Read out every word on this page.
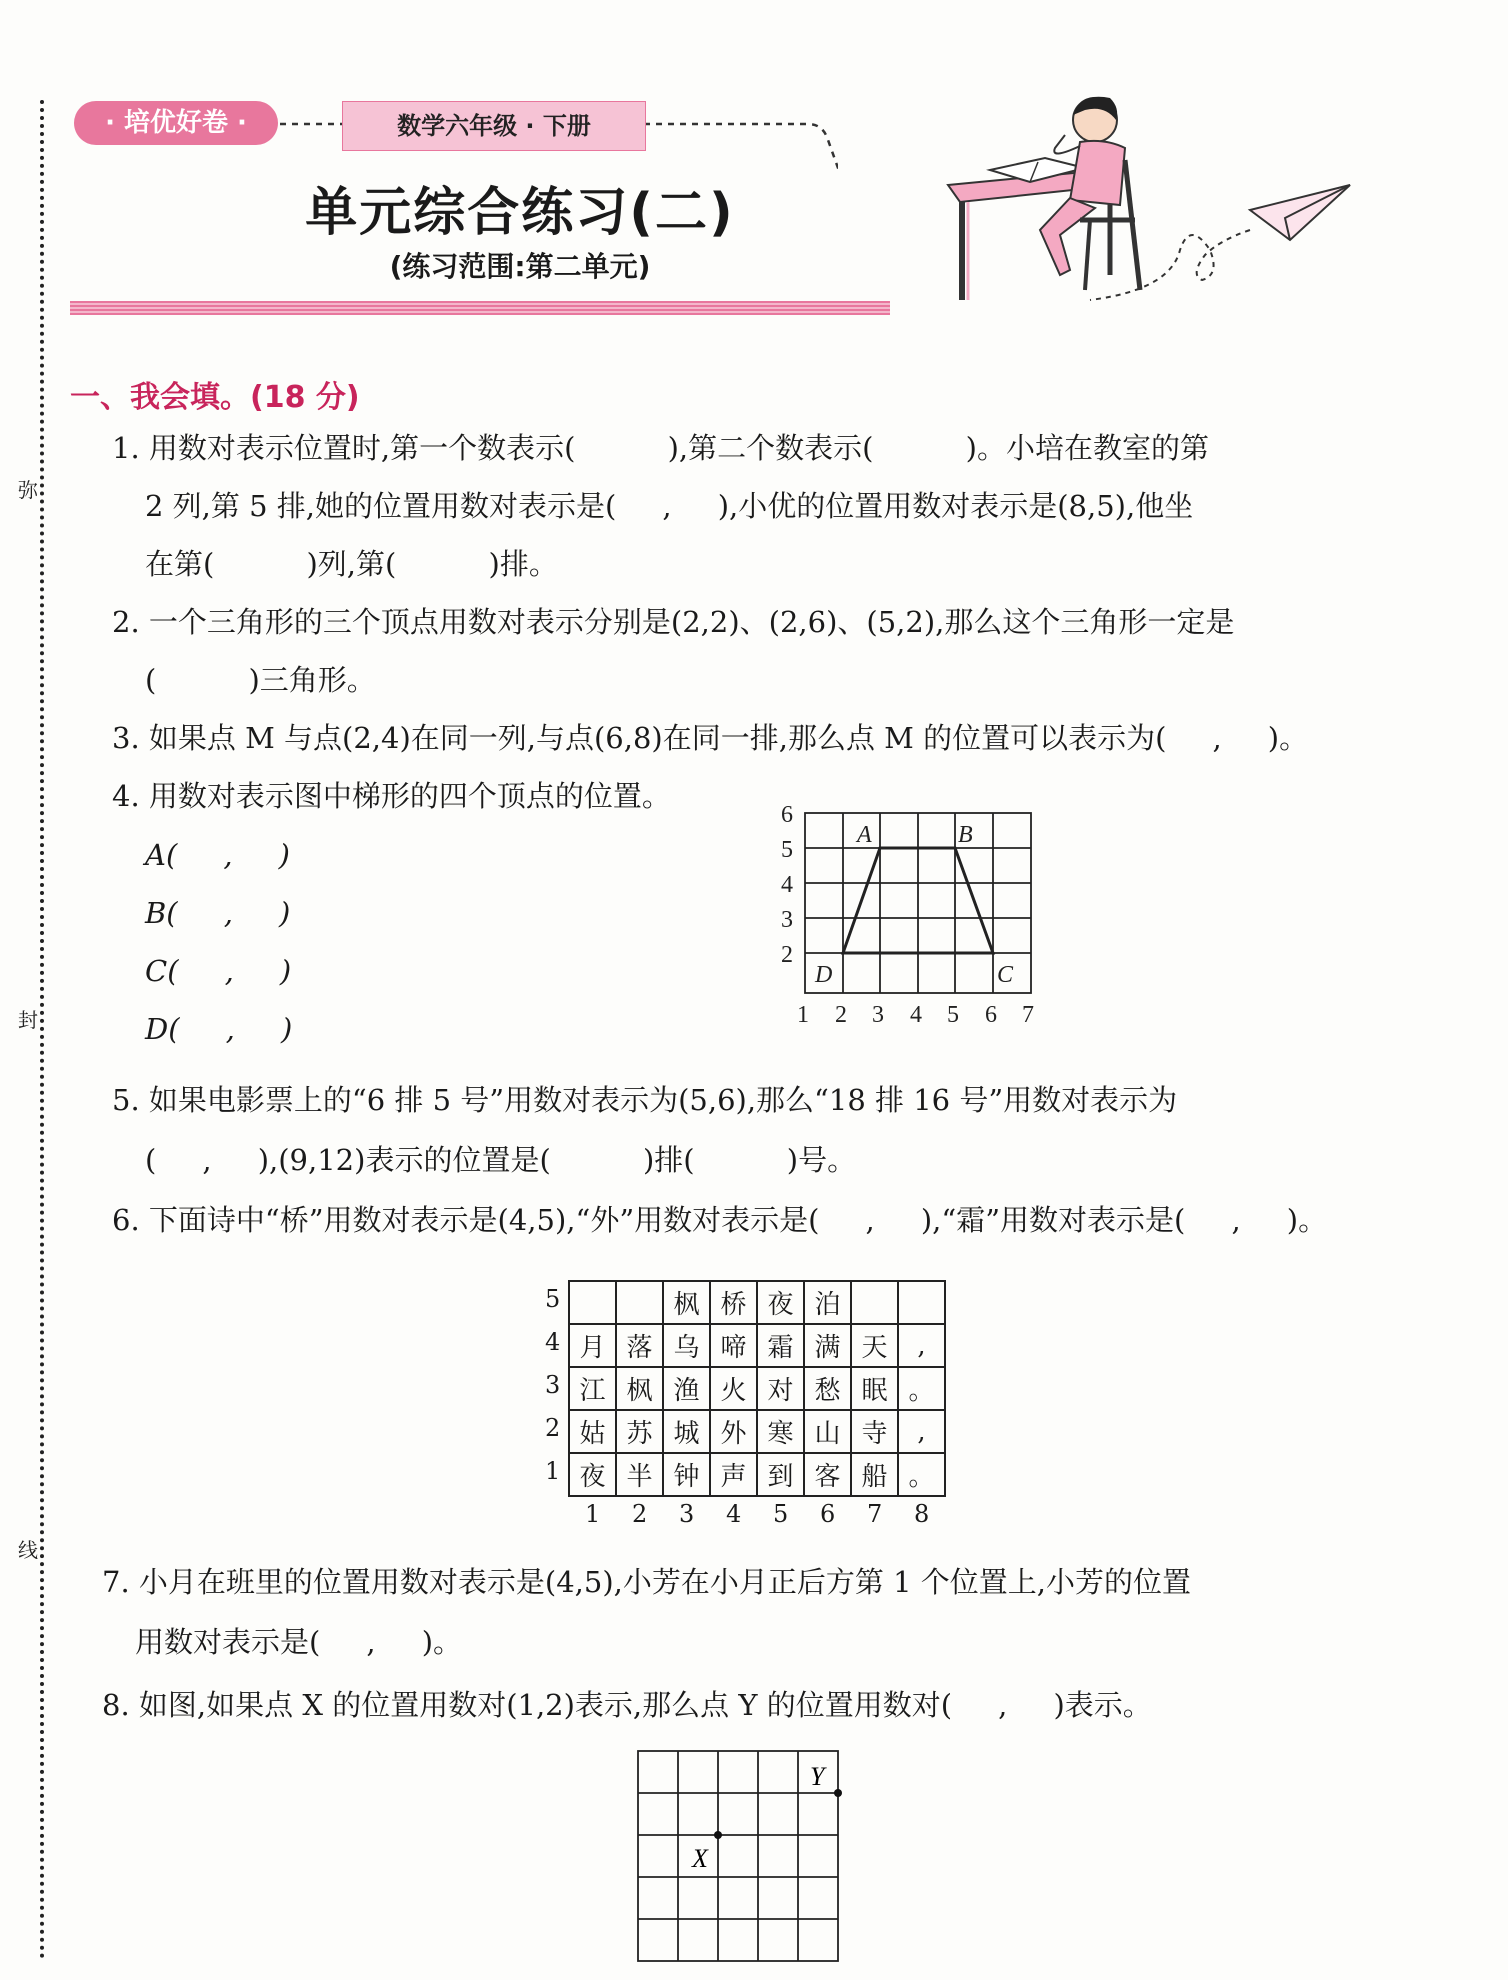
弥
封
线
· 培优好卷 ·	数学六年级 · 下册
单元综合练习(二)
(练习范围:第二单元)
一、我会填。(18 分)
1. 用数对表示位置时,第一个数表示(          ),第二个数表示(          )。小培在教室的第
2 列,第 5 排,她的位置用数对表示是(     ,     ),小优的位置用数对表示是(8,5),他坐
在第(          )列,第(          )排。
2. 一个三角形的三个顶点用数对表示分别是(2,2)、(2,6)、(5,2),那么这个三角形一定是
(          )三角形。
3. 如果点 M 与点(2,4)在同一列,与点(6,8)在同一排,那么点 M 的位置可以表示为(     ,     )。
4. 用数对表示图中梯形的四个顶点的位置。
A(     ,     )
B(     ,     )
C(     ,     )
D(     ,     )	1 2 3 4 5 6 7
2
3
4
5
6
A	B
C
D
5. 如果电影票上的“6 排 5 号”用数对表示为(5,6),那么“18 排 16 号”用数对表示为
(     ,     ),(9,12)表示的位置是(          )排(          )号。
6. 下面诗中“桥”用数对表示是(4,5),“外”用数对表示是(     ,     ),“霜”用数对表示是(     ,     )。
5
4
3
2
1
		枫	桥	夜	泊		
月	落	乌	啼	霜	满	天	,
江	枫	渔	火	对	愁	眠	。
姑	苏	城	外	寒	山	寺	,
夜	半	钟	声	到	客	船	。
1 2 3 4 5 6 7 8
7. 小月在班里的位置用数对表示是(4,5),小芳在小月正后方第 1 个位置上,小芳的位置
用数对表示是(     ,     )。
8. 如图,如果点 X 的位置用数对(1,2)表示,那么点 Y 的位置用数对(     ,     )表示。
X
Y
